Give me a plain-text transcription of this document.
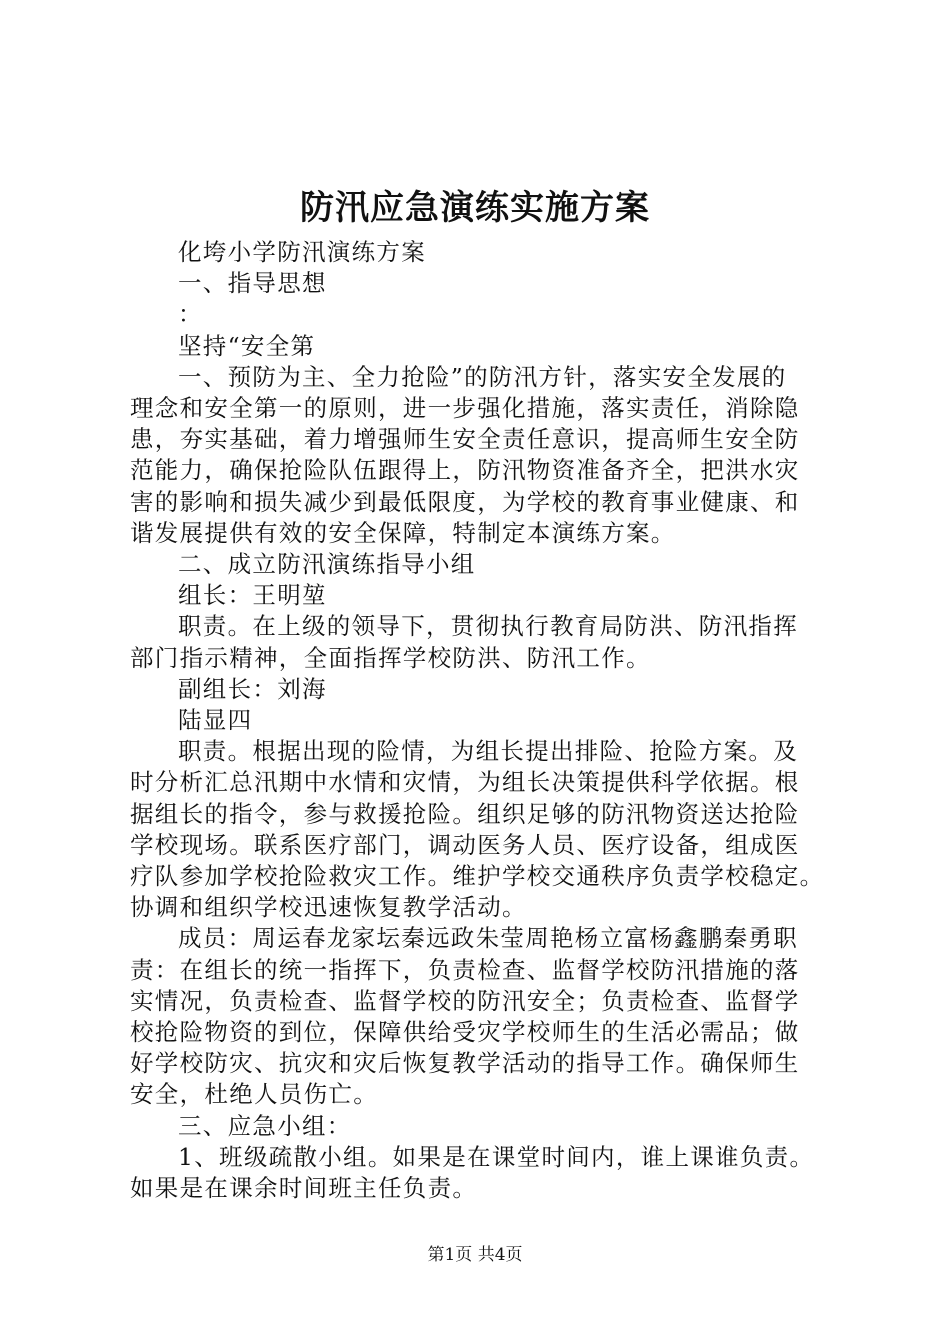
防汛应急演练实施方案
化垮小学防汛演练方案
一、指导思想
：
坚持“安全第
一、预防为主、全力抢险”的防汛方针，落实安全发展的
理念和安全第一的原则，进一步强化措施，落实责任，消除隐
患，夯实基础，着力增强师生安全责任意识，提高师生安全防
范能力，确保抢险队伍跟得上，防汛物资准备齐全，把洪水灾
害的影响和损失减少到最低限度，为学校的教育事业健康、和
谐发展提供有效的安全保障，特制定本演练方案。
二、成立防汛演练指导小组
组长：王明堃
职责。在上级的领导下，贯彻执行教育局防洪、防汛指挥
部门指示精神，全面指挥学校防洪、防汛工作。
副组长：刘海
陆显四
职责。根据出现的险情，为组长提出排险、抢险方案。及
时分析汇总汛期中水情和灾情，为组长决策提供科学依据。根
据组长的指令，参与救援抢险。组织足够的防汛物资送达抢险
学校现场。联系医疗部门，调动医务人员、医疗设备，组成医
疗队参加学校抢险救灾工作。维护学校交通秩序负责学校稳定。
协调和组织学校迅速恢复教学活动。
成员：周运春龙家坛秦远政朱莹周艳杨立富杨鑫鹏秦勇职
责：在组长的统一指挥下，负责检查、监督学校防汛措施的落
实情况，负责检查、监督学校的防汛安全；负责检查、监督学
校抢险物资的到位，保障供给受灾学校师生的生活必需品；做
好学校防灾、抗灾和灾后恢复教学活动的指导工作。确保师生
安全，杜绝人员伤亡。
三、应急小组：
1、班级疏散小组。如果是在课堂时间内，谁上课谁负责。
如果是在课余时间班主任负责。
第1页 共4页
